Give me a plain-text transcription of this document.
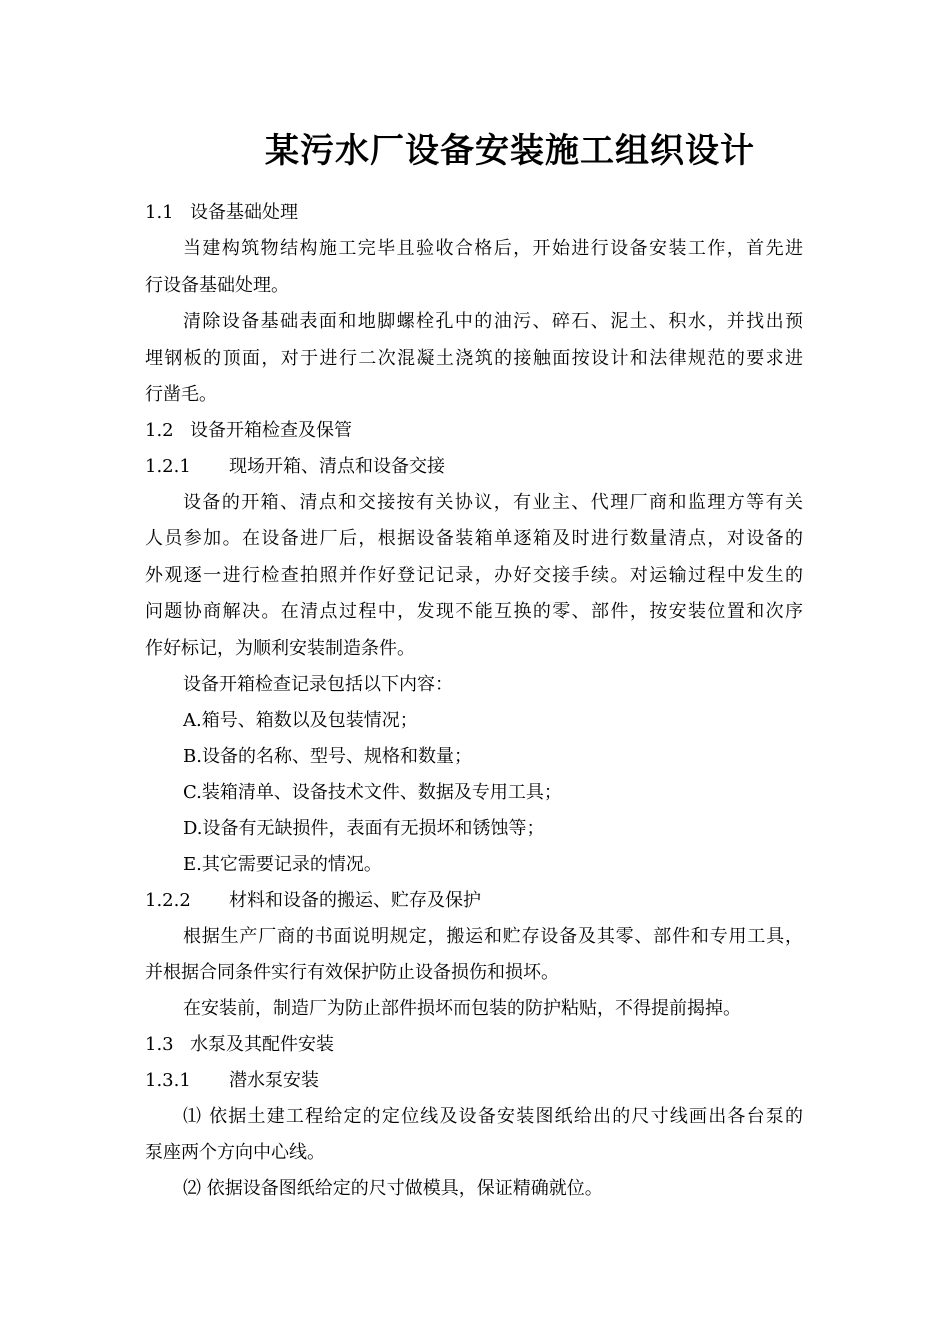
某污水厂设备安装施工组织设计
1.1 设备基础处理
当建构筑物结构施工完毕且验收合格后，开始进行设备安装工作，首先进
行设备基础处理。
清除设备基础表面和地脚螺栓孔中的油污、碎石、泥土、积水，并找出预
埋钢板的顶面，对于进行二次混凝土浇筑的接触面按设计和法律规范的要求进
行凿毛。
1.2 设备开箱检查及保管
1.2.1 现场开箱、清点和设备交接
设备的开箱、清点和交接按有关协议，有业主、代理厂商和监理方等有关
人员参加。在设备进厂后，根据设备装箱单逐箱及时进行数量清点，对设备的
外观逐一进行检查拍照并作好登记记录，办好交接手续。对运输过程中发生的
问题协商解决。在清点过程中，发现不能互换的零、部件，按安装位置和次序
作好标记，为顺利安装制造条件。
设备开箱检查记录包括以下内容：
A.箱号、箱数以及包装情况；
B.设备的名称、型号、规格和数量；
C.装箱清单、设备技术文件、数据及专用工具；
D.设备有无缺损件，表面有无损坏和锈蚀等；
E.其它需要记录的情况。
1.2.2 材料和设备的搬运、贮存及保护
根据生产厂商的书面说明规定，搬运和贮存设备及其零、部件和专用工具，
并根据合同条件实行有效保护防止设备损伤和损坏。
在安装前，制造厂为防止部件损坏而包装的防护粘贴，不得提前揭掉。
1.3 水泵及其配件安装
1.3.1 潜水泵安装
⑴ 依据土建工程给定的定位线及设备安装图纸给出的尺寸线画出各台泵的
泵座两个方向中心线。
⑵ 依据设备图纸给定的尺寸做模具，保证精确就位。
